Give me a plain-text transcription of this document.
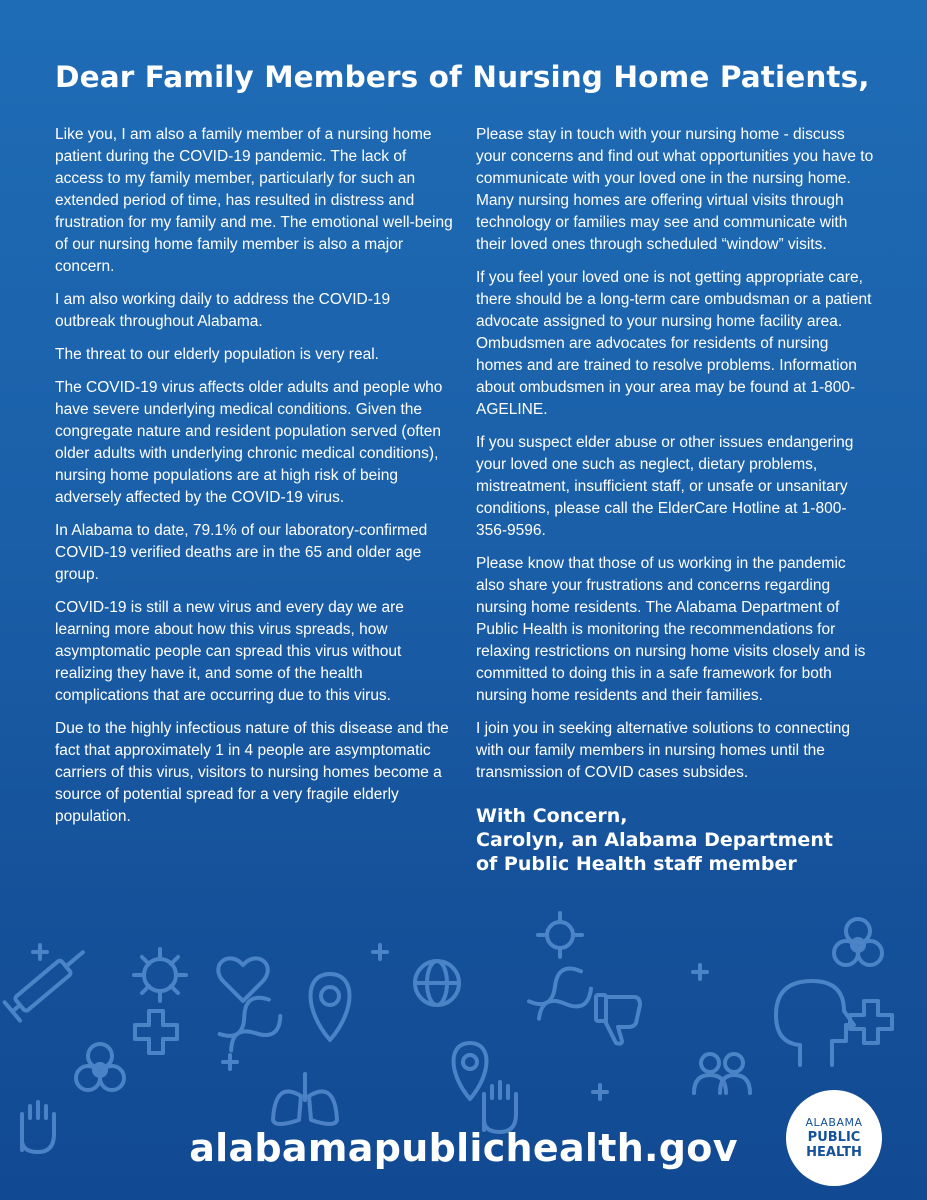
Dear Family Members of Nursing Home Patients,

Like you, I am also a family member of a nursing home patient during the COVID-19 pandemic. The lack of access to my family member, particularly for such an extended period of time, has resulted in distress and frustration for my family and me. The emotional well-being of our nursing home family member is also a major concern.

I am also working daily to address the COVID-19 outbreak throughout Alabama.

The threat to our elderly population is very real.

The COVID-19 virus affects older adults and people who have severe underlying medical conditions. Given the congregate nature and resident population served (often older adults with underlying chronic medical conditions), nursing home populations are at high risk of being adversely affected by the COVID-19 virus.

In Alabama to date, 79.1% of our laboratory-confirmed COVID-19 verified deaths are in the 65 and older age group.

COVID-19 is still a new virus and every day we are learning more about how this virus spreads, how asymptomatic people can spread this virus without realizing they have it, and some of the health complications that are occurring due to this virus.

Due to the highly infectious nature of this disease and the fact that approximately 1 in 4 people are asymptomatic carriers of this virus, visitors to nursing homes become a source of potential spread for a very fragile elderly population.

Please stay in touch with your nursing home - discuss your concerns and find out what opportunities you have to communicate with your loved one in the nursing home. Many nursing homes are offering virtual visits through technology or families may see and communicate with their loved ones through scheduled “window” visits.

If you feel your loved one is not getting appropriate care, there should be a long-term care ombudsman or a patient advocate assigned to your nursing home facility area. Ombudsmen are advocates for residents of nursing homes and are trained to resolve problems. Information about ombudsmen in your area may be found at 1-800-AGELINE.

If you suspect elder abuse or other issues endangering your loved one such as neglect, dietary problems, mistreatment, insufficient staff, or unsafe or unsanitary conditions, please call the ElderCare Hotline at 1-800-356-9596.

Please know that those of us working in the pandemic also share your frustrations and concerns regarding nursing home residents. The Alabama Department of Public Health is monitoring the recommendations for relaxing restrictions on nursing home visits closely and is committed to doing this in a safe framework for both nursing home residents and their families.

I join you in seeking alternative solutions to connecting with our family members in nursing homes until the transmission of COVID cases subsides.

With Concern,
Carolyn, an Alabama Department
of Public Health staff member
alabamapublichealth.gov
ALABAMA
PUBLIC
HEALTH
